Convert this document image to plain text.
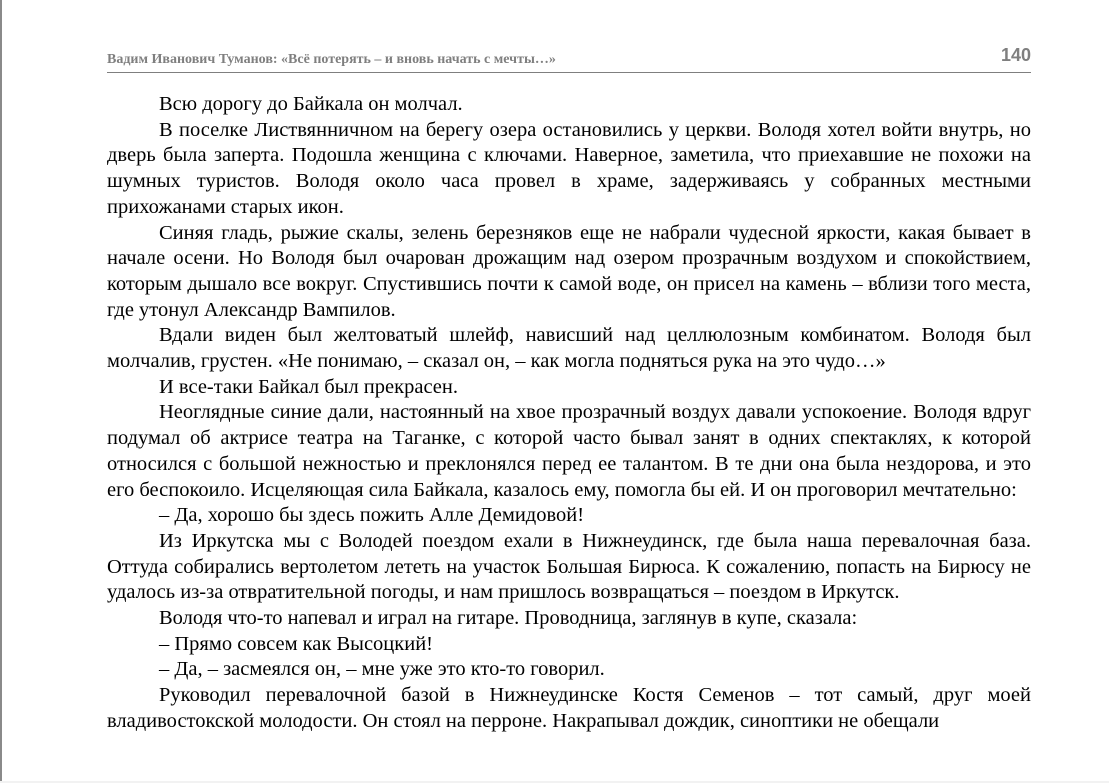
Вадим Иванович Туманов: «Всё потерять – и вновь начать с мечты…»	140

Всю дорогу до Байкала он молчал.

В поселке Листвянничном на берегу озера остановились у церкви. Володя хотел войти внутрь, но дверь была заперта. Подошла женщина с ключами. Наверное, заметила, что приехавшие не похожи на шумных туристов. Володя около часа провел в храме, задерживаясь у собранных местными прихожанами старых икон.

Синяя гладь, рыжие скалы, зелень березняков еще не набрали чудесной яркости, какая бывает в начале осени. Но Володя был очарован дрожащим над озером прозрачным воздухом и спокойствием, которым дышало все вокруг. Спустившись почти к самой воде, он присел на камень – вблизи того места, где утонул Александр Вампилов.

Вдали виден был желтоватый шлейф, нависший над целлюлозным комбинатом. Володя был молчалив, грустен. «Не понимаю, – сказал он, – как могла подняться рука на это чудо…»

И все-таки Байкал был прекрасен.

Неоглядные синие дали, настоянный на хвое прозрачный воздух давали успокоение. Володя вдруг подумал об актрисе театра на Таганке, с которой часто бывал занят в одних спектаклях, к которой относился с большой нежностью и преклонялся перед ее талантом. В те дни она была нездорова, и это его беспокоило. Исцеляющая сила Байкала, казалось ему, помогла бы ей. И он проговорил мечтательно:

– Да, хорошо бы здесь пожить Алле Демидовой!

Из Иркутска мы с Володей поездом ехали в Нижнеудинск, где была наша перевалочная база. Оттуда собирались вертолетом лететь на участок Большая Бирюса. К сожалению, попасть на Бирюсу не удалось из-за отвратительной погоды, и нам пришлось возвращаться – поездом в Иркутск.

Володя что-то напевал и играл на гитаре. Проводница, заглянув в купе, сказала:

– Прямо совсем как Высоцкий!

– Да, – засмеялся он, – мне уже это кто-то говорил.

Руководил перевалочной базой в Нижнеудинске Костя Семенов – тот самый, друг моей владивостокской молодости. Он стоял на перроне. Накрапывал дождик, синоптики не обещали
